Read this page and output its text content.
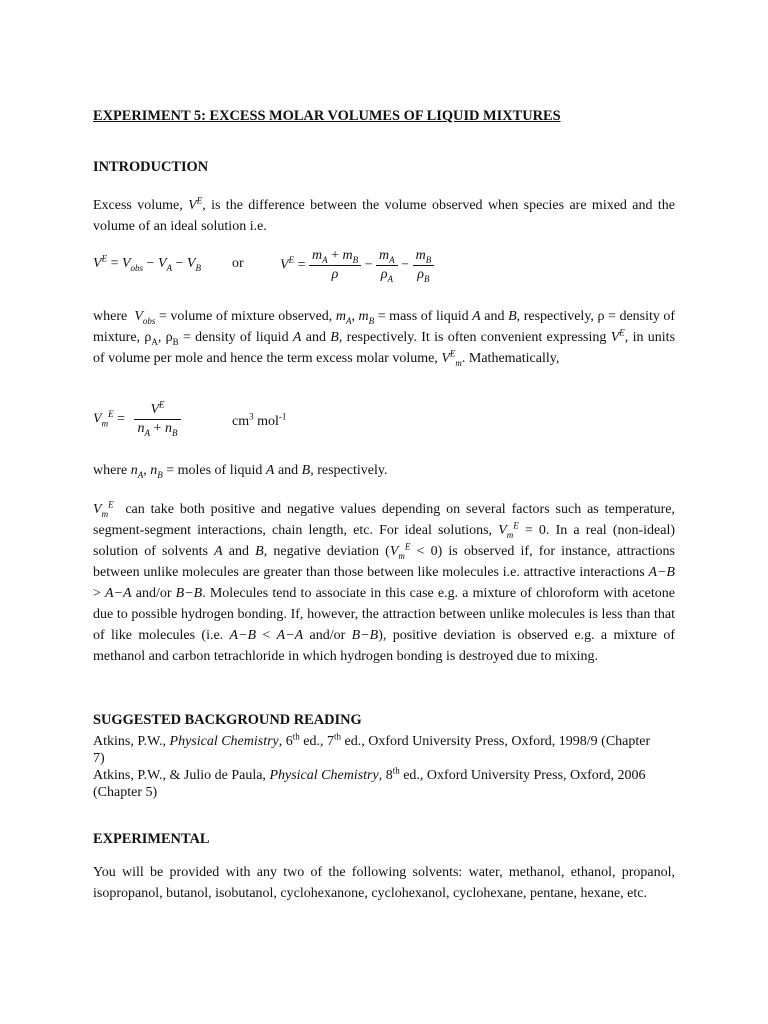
EXPERIMENT 5: EXCESS MOLAR VOLUMES OF LIQUID MIXTURES
INTRODUCTION
Excess volume, $V^E$, is the difference between the volume observed when species are mixed and the volume of an ideal solution i.e.
$V^E = V_{obs} - V_A - V_B$ or	$V^E = \frac{m_A + m_B}{\rho} - \frac{m_A}{\rho_A} - \frac{m_B}{\rho_B}$
where $V_{obs}$ = volume of mixture observed, $m_A$, $m_B$ = mass of liquid A and B, respectively, ρ = density of mixture, $\rho_A$, $\rho_B$ = density of liquid A and B, respectively. It is often convenient expressing $V^E$, in units of volume per mole and hence the term excess molar volume, $V^E_m$. Mathematically,
$V_m^E = \frac{V^E}{n_A + n_B}$	$cm^3$ mol$^{-1}$
where $n_A$, $n_B$ = moles of liquid A and B, respectively.
$V_m^E$ can take both positive and negative values depending on several factors such as temperature, segment-segment interactions, chain length, etc. For ideal solutions, $V_m^E = 0$. In a real (non-ideal) solution of solvents A and B, negative deviation $(V_m^E < 0)$ is observed if, for instance, attractions between unlike molecules are greater than those between like molecules i.e. attractive interactions A−B > A−A and/or B−B. Molecules tend to associate in this case e.g. a mixture of chloroform with acetone due to possible hydrogen bonding. If, however, the attraction between unlike molecules is less than that of like molecules (i.e. A−B < A−A and/or B−B), positive deviation is observed e.g. a mixture of methanol and carbon tetrachloride in which hydrogen bonding is destroyed due to mixing.
SUGGESTED BACKGROUND READING
Atkins, P.W., Physical Chemistry, 6th ed., 7th ed., Oxford University Press, Oxford, 1998/9 (Chapter 7)
Atkins, P.W., & Julio de Paula, Physical Chemistry, 8th ed., Oxford University Press, Oxford, 2006 (Chapter 5)
EXPERIMENTAL
You will be provided with any two of the following solvents: water, methanol, ethanol, propanol, isopropanol, butanol, isobutanol, cyclohexanone, cyclohexanol, cyclohexane, pentane, hexane, etc.
